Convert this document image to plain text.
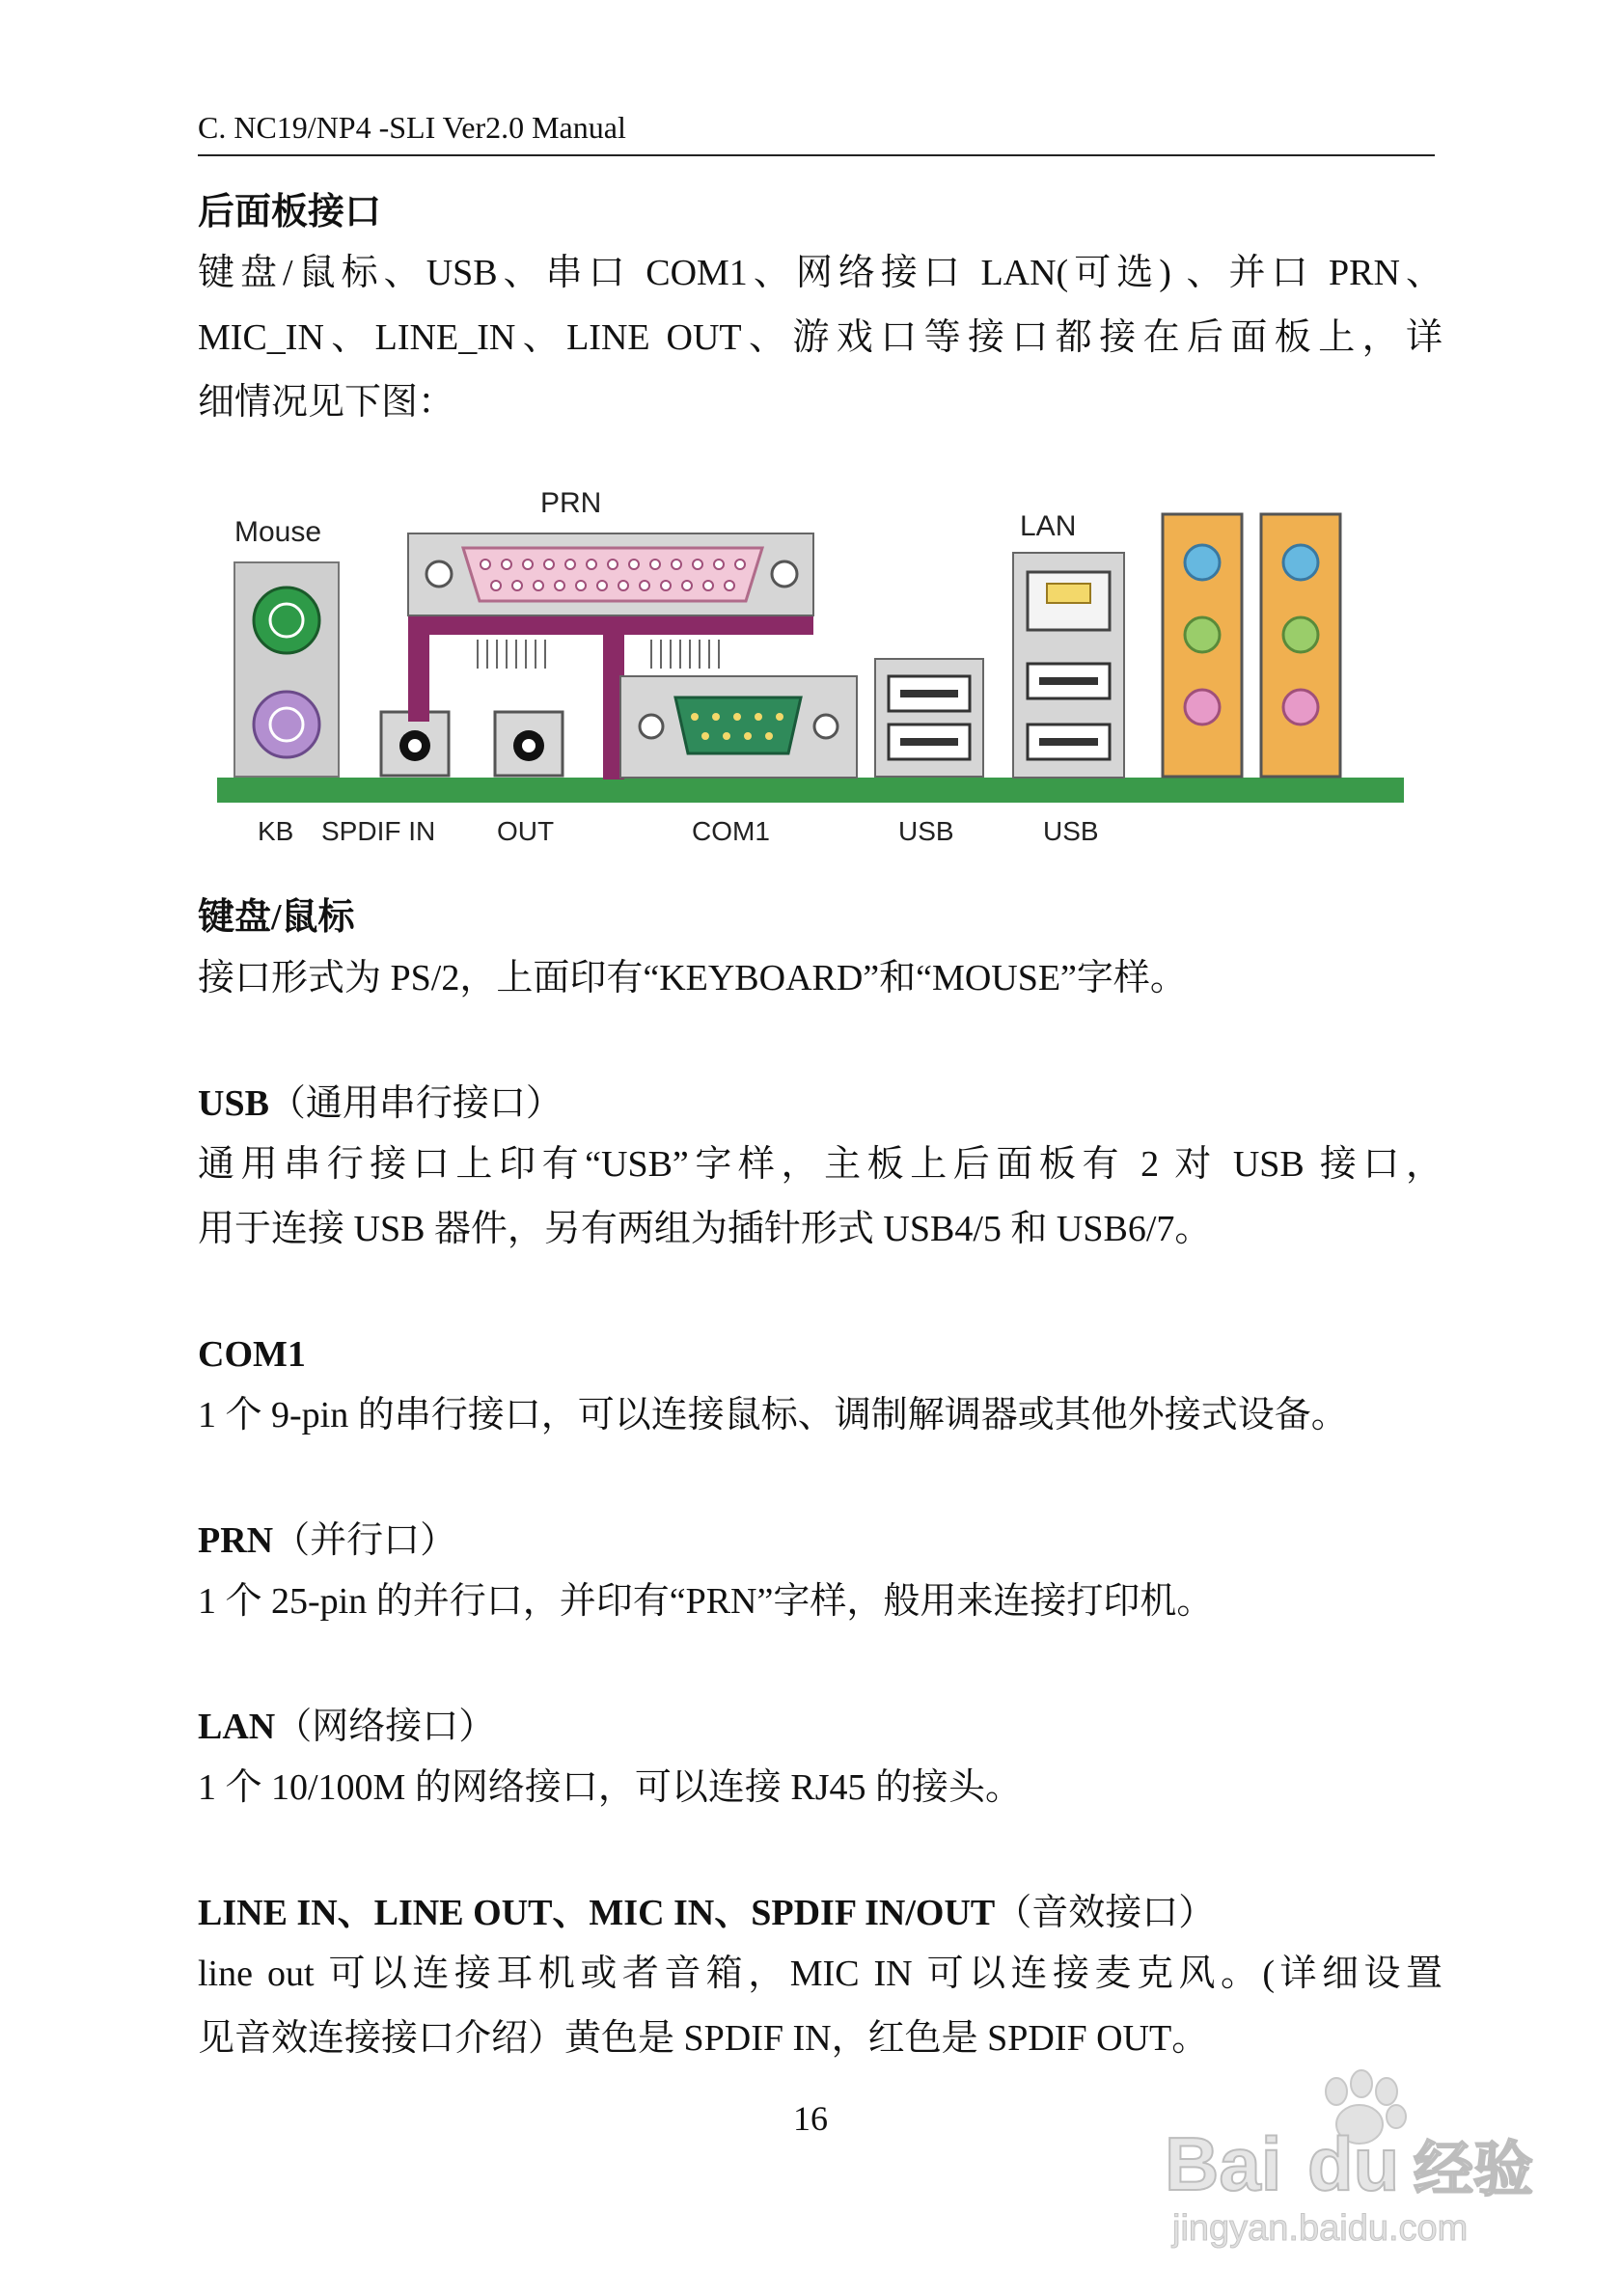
C. NC19/NP4 -SLI Ver2.0 Manual

后面板接口

键盘/鼠标、USB、串口 COM1、网络接口 LAN(可选) 、并口 PRN、

MIC_IN、LINE_IN、LINE OUT、游戏口等接口都接在后面板上，详

细情况见下图：

Mouse
PRN
LAN
KB SPDIF IN OUT	COM1	USB	USB

键盘/鼠标

接口形式为 PS/2，上面印有“KEYBOARD”和“MOUSE”字样。

USB（通用串行接口）

通用串行接口上印有“USB”字样，主板上后面板有 2 对 USB 接口，

用于连接 USB 器件，另有两组为插针形式 USB4/5 和 USB6/7。

COM1

1 个 9-pin 的串行接口，可以连接鼠标、调制解调器或其他外接式设备。

PRN（并行口）

1 个 25-pin 的并行口，并印有“PRN”字样，般用来连接打印机。

LAN（网络接口）

1 个 10/100M 的网络接口，可以连接 RJ45 的接头。

LINE IN、LINE OUT、MIC IN、SPDIF IN/OUT（音效接口）

line out 可以连接耳机或者音箱，MIC IN 可以连接麦克风。(详细设置

见音效连接接口介绍）黄色是 SPDIF IN，红色是 SPDIF OUT。

16
Bai du 经验
jingyan.baidu.com
